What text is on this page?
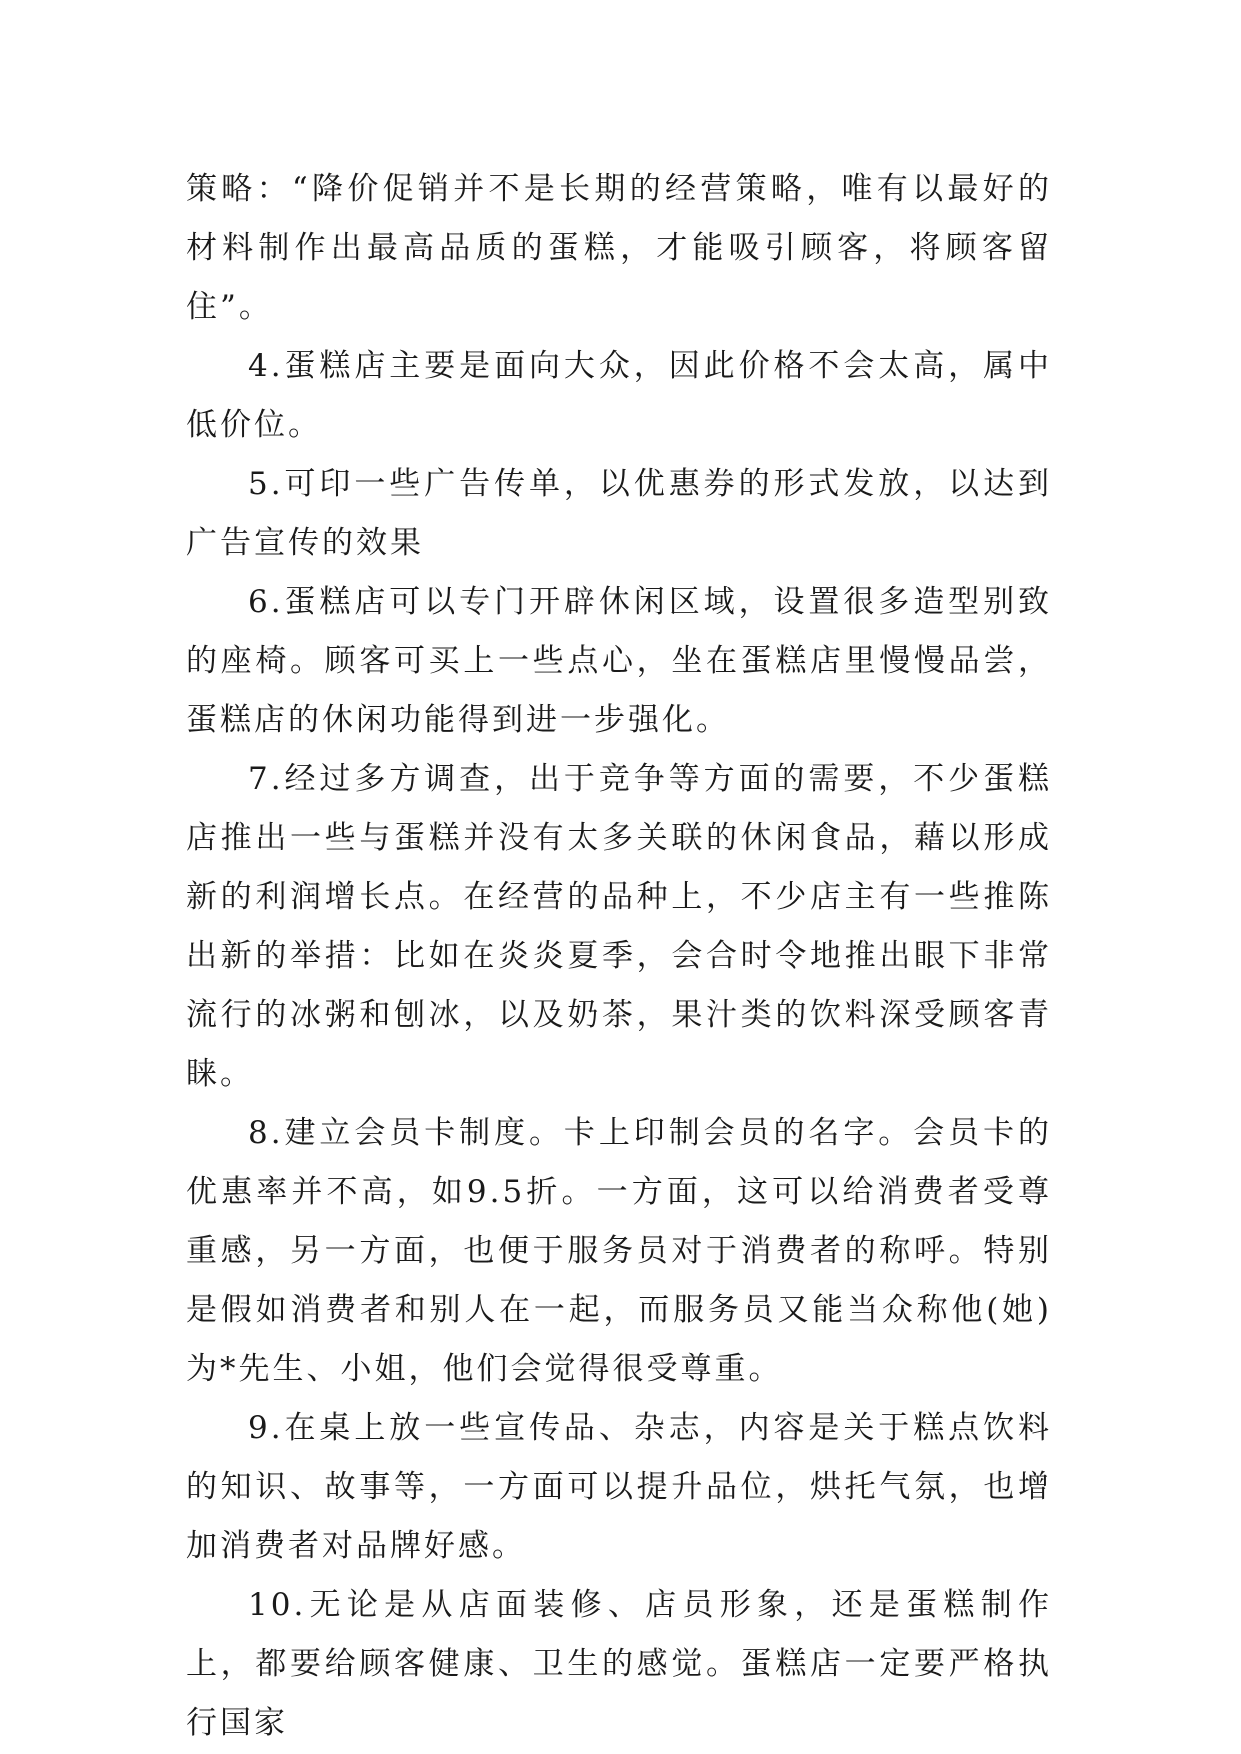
策略：“降价促销并不是长期的经营策略，唯有以最好的材料制作出最高品质的蛋糕，才能吸引顾客，将顾客留住”。

4.蛋糕店主要是面向大众，因此价格不会太高，属中低价位。

5.可印一些广告传单，以优惠券的形式发放，以达到广告宣传的效果

6.蛋糕店可以专门开辟休闲区域，设置很多造型别致的座椅。顾客可买上一些点心，坐在蛋糕店里慢慢品尝，蛋糕店的休闲功能得到进一步强化。

7.经过多方调查，出于竞争等方面的需要，不少蛋糕店推出一些与蛋糕并没有太多关联的休闲食品，藉以形成新的利润增长点。在经营的品种上，不少店主有一些推陈出新的举措：比如在炎炎夏季，会合时令地推出眼下非常流行的冰粥和刨冰，以及奶茶，果汁类的饮料深受顾客青睐。

8.建立会员卡制度。卡上印制会员的名字。会员卡的优惠率并不高，如9.5折。一方面，这可以给消费者受尊重感，另一方面，也便于服务员对于消费者的称呼。特别是假如消费者和别人在一起，而服务员又能当众称他(她)为*先生、小姐，他们会觉得很受尊重。

9.在桌上放一些宣传品、杂志，内容是关于糕点饮料的知识、故事等，一方面可以提升品位，烘托气氛，也增加消费者对品牌好感。

10.无论是从店面装修、店员形象，还是蛋糕制作上，都要给顾客健康、卫生的感觉。蛋糕店一定要严格执行国家
